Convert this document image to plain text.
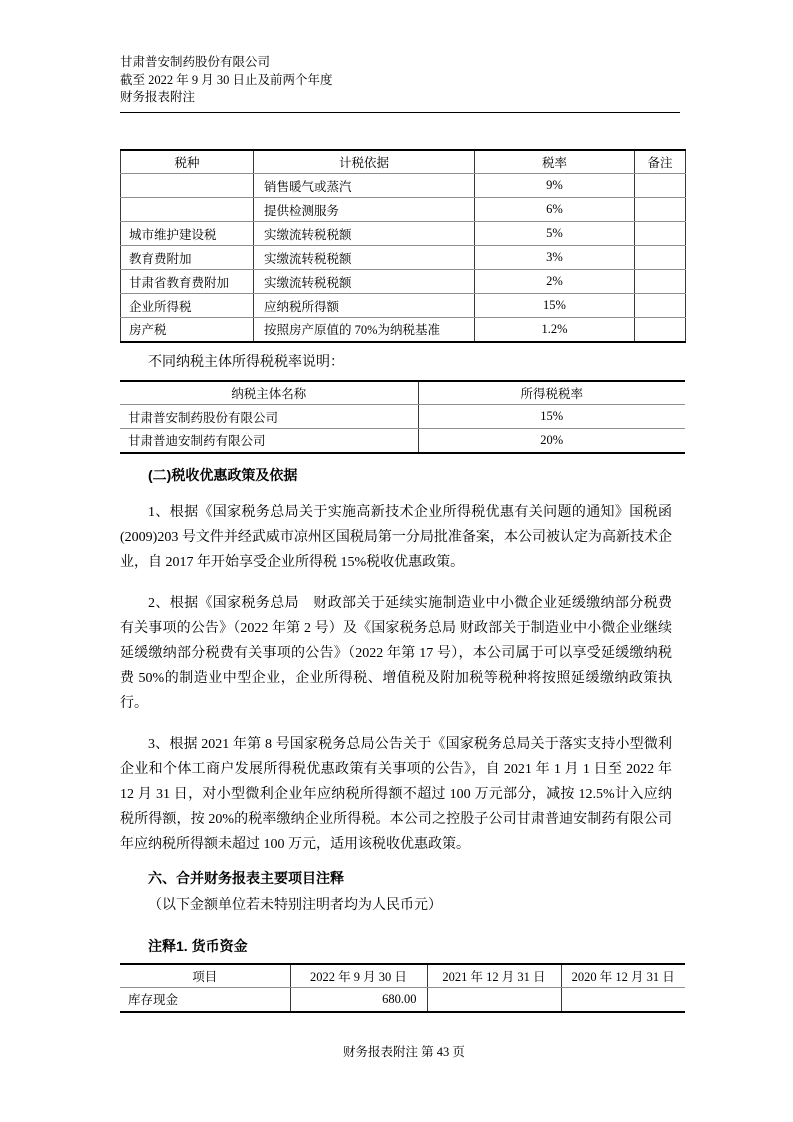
甘肃普安制药股份有限公司
截至 2022 年 9 月 30 日止及前两个年度
财务报表附注
税种	计税依据	税率	备注
	销售暖气或蒸汽	9%	
	提供检测服务	6%	
城市维护建设税	实缴流转税税额	5%	
教育费附加	实缴流转税税额	3%	
甘肃省教育费附加	实缴流转税税额	2%	
企业所得税	应纳税所得额	15%	
房产税	按照房产原值的 70%为纳税基准	1.2%	
不同纳税主体所得税税率说明：
纳税主体名称	所得税税率
甘肃普安制药股份有限公司	15%
甘肃普迪安制药有限公司	20%
(二)税收优惠政策及依据

1、根据《国家税务总局关于实施高新技术企业所得税优惠有关问题的通知》国税函(2009)203 号文件并经武威市凉州区国税局第一分局批准备案，本公司被认定为高新技术企业，自 2017 年开始享受企业所得税 15%税收优惠政策。

2、根据《国家税务总局　财政部关于延续实施制造业中小微企业延缓缴纳部分税费有关事项的公告》（2022 年第 2 号）及《国家税务总局 财政部关于制造业中小微企业继续延缓缴纳部分税费有关事项的公告》（2022 年第 17 号），本公司属于可以享受延缓缴纳税费 50%的制造业中型企业，企业所得税、增值税及附加税等税种将按照延缓缴纳政策执行。

3、根据 2021 年第 8 号国家税务总局公告关于《国家税务总局关于落实支持小型微利企业和个体工商户发展所得税优惠政策有关事项的公告》，自 2021 年 1 月 1 日至 2022 年 12 月 31 日，对小型微利企业年应纳税所得额不超过 100 万元部分，减按 12.5%计入应纳税所得额，按 20%的税率缴纳企业所得税。本公司之控股子公司甘肃普迪安制药有限公司年应纳税所得额未超过 100 万元，适用该税收优惠政策。

六、合并财务报表主要项目注释
（以下金额单位若未特别注明者均为人民币元）
注释1. 货币资金
项目	2022 年 9 月 30 日	2021 年 12 月 31 日	2020 年 12 月 31 日
库存现金	680.00		
财务报表附注 第 43 页
